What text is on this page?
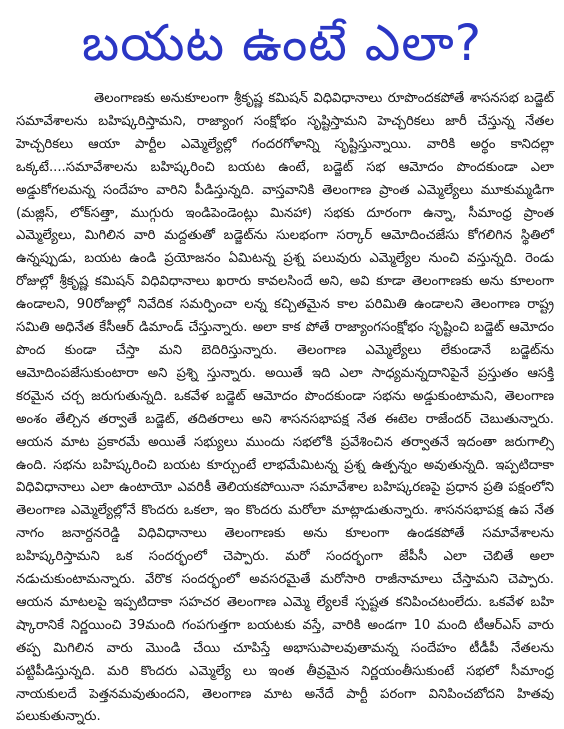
బయట ఉంటే ఎలా?

తెలంగాణకు అనుకూలంగా శ్రీకృష్ణ కమిషన్ విధివిధానాలు రూపొందకపోతే శాసనసభ బడ్జెట్ సమావేశాలను బహిష్కరిస్తామని, రాజ్యాంగ సంక్షోభం సృష్టిస్తామని హెచ్చరికలు జారీ చేస్తున్న నేతల హెచ్చరికలు ఆయా పార్టీల ఎమ్మెల్యేల్లో గందరగోళాన్ని సృష్టిస్తున్నాయి. వారికి అర్థం కానిదల్లా ఒక్కటే....సమావేశాలను బహిష్కరించి బయట ఉంటే, బడ్జెట్ సభ ఆమోదం పొందకుండా ఎలా అడ్డుకోగలమన్న సందేహం వారిని పీడిస్తున్నది. వాస్తవానికి తెలంగాణ ప్రాంత ఎమ్మెల్యేలు మూకుమ్మడిగా (మజ్లిస్, లోక్‌సత్తా, ముగ్గురు ఇండిపెండెంట్లు మినహా) సభకు దూరంగా ఉన్నా, సీమాంధ్ర ప్రాంత ఎమ్మెల్యేలు, మిగిలిన వారి మద్దతుతో బడ్జెట్‌ను సులభంగా సర్కార్ ఆమోదించజేసు కోగలిగిన స్థితిలో ఉన్నప్పుడు, బయట ఉండి ప్రయోజనం ఏమిటన్న ప్రశ్న పలువురు ఎమ్మెల్యేల నుంచి వస్తున్నది. రెండు రోజుల్లో శ్రీకృష్ణ కమిషన్ విధివిధానాలు ఖరారు కావలసిందే అని, అవి కూడా తెలంగాణకు అను కూలంగా ఉండాలని, 90రోజుల్లో నివేదిక సమర్పించా లన్న కచ్చితమైన కాల పరిమితి ఉండాలని తెలంగాణ రాష్ట్ర సమితి అధినేత కేసీఆర్ డిమాండ్ చేస్తున్నారు. అలా కాక పోతే రాజ్యాంగసంక్షోభం సృష్టించి బడ్జెట్ ఆమోదం పొంద కుండా చేస్తా మని బెదిరిస్తున్నారు. తెలంగాణ ఎమ్మెల్యేలు లేకుండానే బడ్జెట్‌ను ఆమోదింపజేసుకుంటారా అని ప్రశ్ని స్తున్నారు. అయితే ఇది ఎలా సాధ్యమన్నదానిపైనే ప్రస్తుతం ఆసక్తి కరమైన చర్చ జరుగుతున్నది. ఒకవేళ బడ్జెట్ ఆమోదం పొందకుండా సభను అడ్డుకుంటామని, తెలంగాణ అంశం తేల్చిన తర్వాతే బడ్జెట్, తదితరాలు అని శాసనసభాపక్ష నేత ఈటెల రాజేందర్ చెబుతున్నారు. ఆయన మాట ప్రకారమే అయితే సభ్యులు ముందు సభలోకి ప్రవేశించిన తర్వాతనే ఇదంతా జరుగాల్సి ఉంది. సభను బహిష్కరించి బయట కూర్చుంటే లాభమేమిటన్న ప్రశ్న ఉత్పన్నం అవుతున్నది. ఇప్పటిదాకా విధివిధానాలు ఎలా ఉంటాయో ఎవరికీ తెలియకపోయినా సమావేశాల బహిష్కరణపై ప్రధాన ప్రతి పక్షంలోని తెలంగాణ ఎమ్మెల్యేల్లోనే కొందరు ఒకలా, ఇం కొందరు మరోలా మాట్లాడుతున్నారు. శాసనసభాపక్ష ఉప నేత నాగం జనార్దనరెడ్డి విధివిధానాలు తెలంగాణకు అను కూలంగా ఉండకపోతే సమావేశాలను బహిష్కరిస్తామని ఒక సందర్భంలో చెప్పారు. మరో సందర్భంగా జేపీసీ ఎలా చెబితే అలా నడుచుకుంటామన్నారు. వేరొక సందర్భంలో అవసరమైతే మరోసారి రాజీనామాలు చేస్తామని చెప్పారు. ఆయన మాటలపై ఇప్పటిదాకా సహచర తెలంగాణ ఎమ్మె ల్యేలకే స్పష్టత కనిపించటంలేదు. ఒకవేళ బహి ష్కారానికే నిర్ణయించి 39మంది గంపగుత్తగా బయటకు వస్తే, వారికి అండగా 10 మంది టీఆర్‌ఎస్ వారు తప్ప మిగిలిన వారు మొండి చేయి చూపిస్తే అభాసుపాలవుతామన్న సందేహం టీడీపీ నేతలను పట్టిపీడిస్తున్నది. మరి కొందరు ఎమ్మెల్యే లు ఇంత తీవ్రమైన నిర్ణయంతీసుకుంటే సభలో సీమాంధ్ర నాయకులదే పెత్తనమవుతుందని, తెలంగాణ మాట అనేదే పార్టీ పరంగా వినిపించబోదని హితవు పలుకుతున్నారు.
